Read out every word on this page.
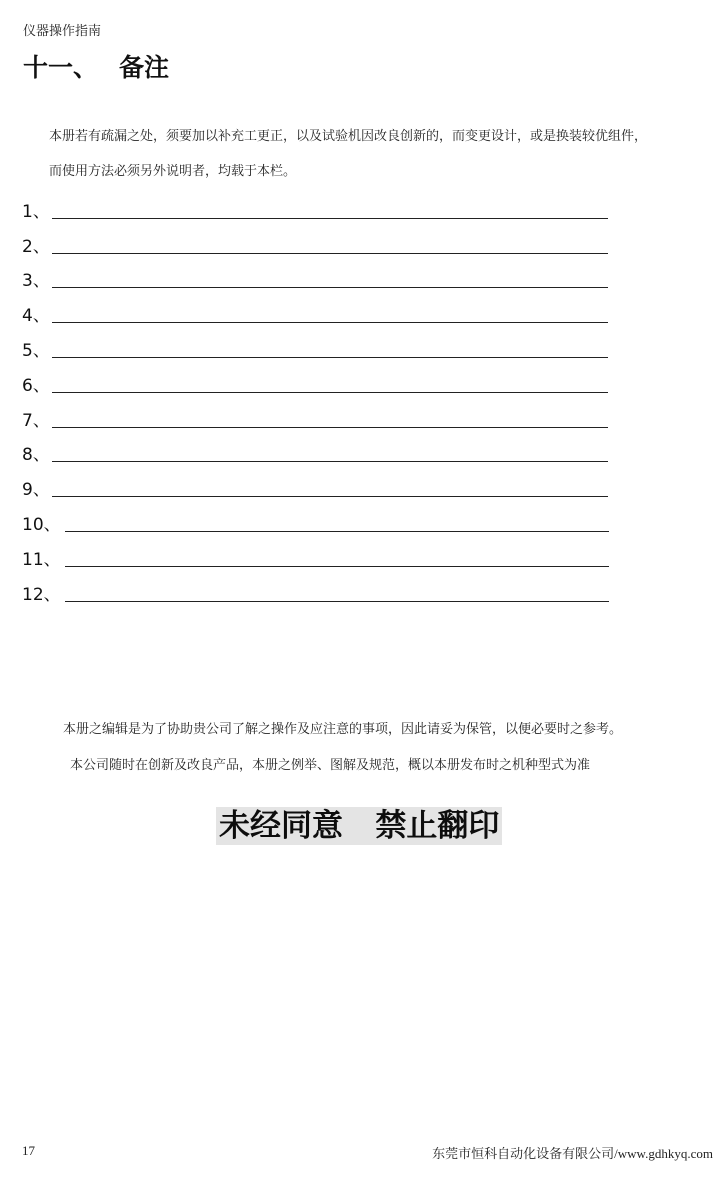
仪器操作指南
十一、 备注
本册若有疏漏之处，须要加以补充工更正，以及试验机因改良创新的，而变更设计，或是换装较优组件，
而使用方法必须另外说明者，均载于本栏。
1、
2、
3、
4、
5、
6、
7、
8、
9、
10、
11、
12、
本册之编辑是为了协助贵公司了解之操作及应注意的事项，因此请妥为保管，以便必要时之参考。
本公司随时在创新及改良产品，本册之例举、图解及规范，概以本册发布时之机种型式为准
未经同意   禁止翻印
17	东莞市恒科自动化设备有限公司/www.gdhkyq.com
